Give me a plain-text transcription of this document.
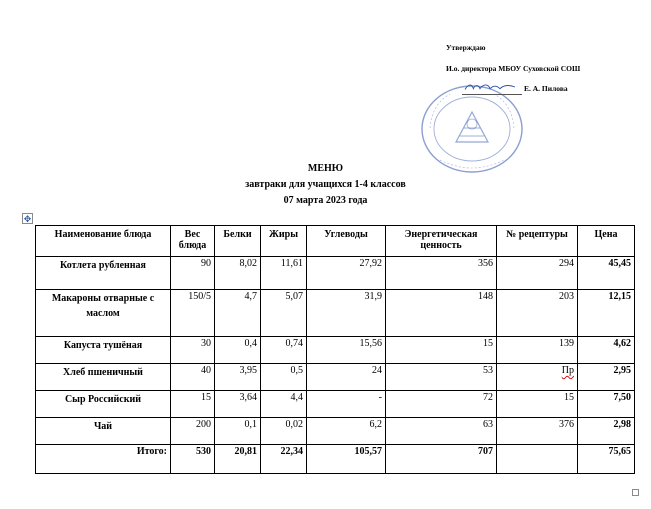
Утверждаю
И.о. директора МБОУ Суховской СОШ
Е. А. Пилова
МЕНЮ
завтраки для учащихся 1-4 классов
07 марта 2023 года
✥
Наименование блюда	Вес блюда	Белки	Жиры	Углеводы	Энергетическая ценность	№ рецептуры	Цена
Котлета рубленная	90	8,02	11,61	27,92	356	294	45,45
Макароны отварные с маслом	150/5	4,7	5,07	31,9	148	203	12,15
Капуста тушёная	30	0,4	0,74	15,56	15	139	4,62
Хлеб пшеничный	40	3,95	0,5	24	53	Пр	2,95
Сыр Российский	15	3,64	4,4	-	72	15	7,50
Чай	200	0,1	0,02	6,2	63	376	2,98
Итого:	530	20,81	22,34	105,57	707		75,65
